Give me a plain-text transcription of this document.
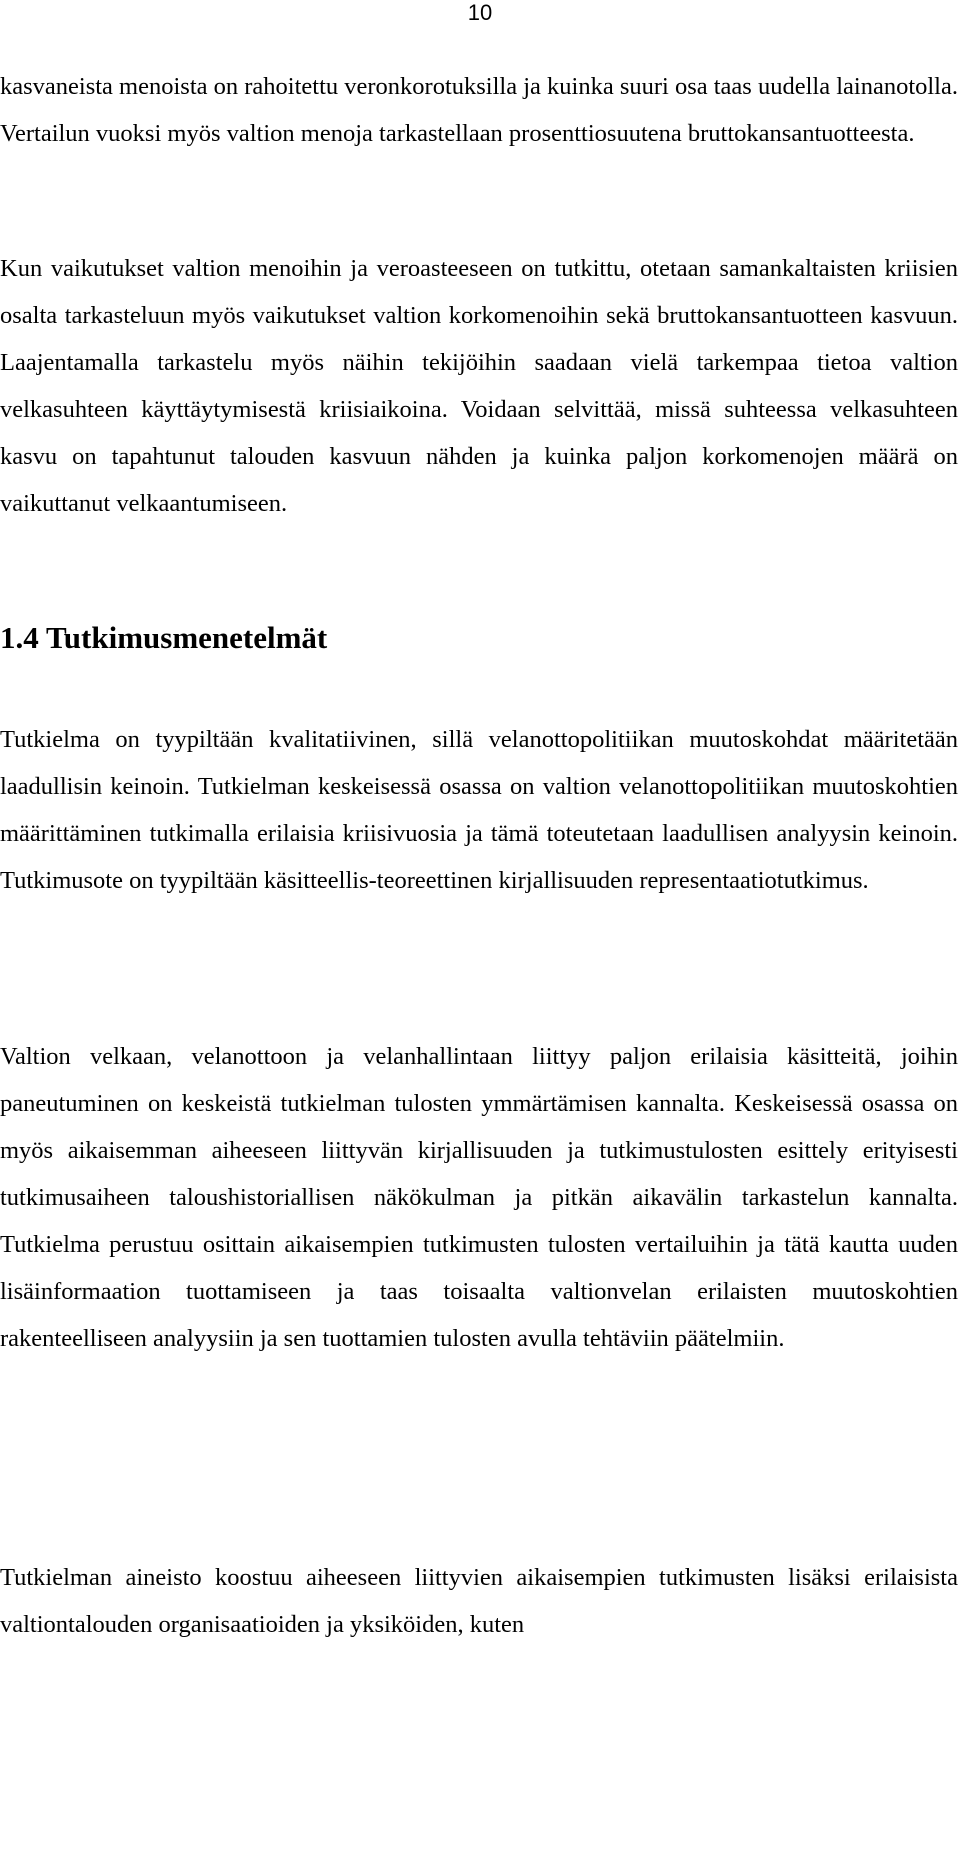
10

kasvaneista menoista on rahoitettu veronkorotuksilla ja kuinka suuri osa taas uudella lainanotolla. Vertailun vuoksi myös valtion menoja tarkastellaan prosenttiosuutena bruttokansantuotteesta.

Kun vaikutukset valtion menoihin ja veroasteeseen on tutkittu, otetaan samankaltaisten kriisien osalta tarkasteluun myös vaikutukset valtion korkomenoihin sekä bruttokansantuotteen kasvuun. Laajentamalla tarkastelu myös näihin tekijöihin saadaan vielä tarkempaa tietoa valtion velkasuhteen käyttäytymisestä kriisiaikoina. Voidaan selvittää, missä suhteessa velkasuhteen kasvu on tapahtunut talouden kasvuun nähden ja kuinka paljon korkomenojen määrä on vaikuttanut velkaantumiseen.

1.4 Tutkimusmenetelmät

Tutkielma on tyypiltään kvalitatiivinen, sillä velanottopolitiikan muutoskohdat määritetään laadullisin keinoin. Tutkielman keskeisessä osassa on valtion velanottopolitiikan muutoskohtien määrittäminen tutkimalla erilaisia kriisivuosia ja tämä toteutetaan laadullisen analyysin keinoin. Tutkimusote on tyypiltään käsitteellis-teoreettinen kirjallisuuden representaatiotutkimus.

Valtion velkaan, velanottoon ja velanhallintaan liittyy paljon erilaisia käsitteitä, joihin paneutuminen on keskeistä tutkielman tulosten ymmärtämisen kannalta. Keskeisessä osassa on myös aikaisemman aiheeseen liittyvän kirjallisuuden ja tutkimustulosten esittely erityisesti tutkimusaiheen taloushistoriallisen näkökulman ja pitkän aikavälin tarkastelun kannalta. Tutkielma perustuu osittain aikaisempien tutkimusten tulosten vertailuihin ja tätä kautta uuden lisäinformaation tuottamiseen ja taas toisaalta valtionvelan erilaisten muutoskohtien rakenteelliseen analyysiin ja sen tuottamien tulosten avulla tehtäviin päätelmiin.

Tutkielman aineisto koostuu aiheeseen liittyvien aikaisempien tutkimusten lisäksi erilaisista valtiontalouden organisaatioiden ja yksiköiden, kuten
